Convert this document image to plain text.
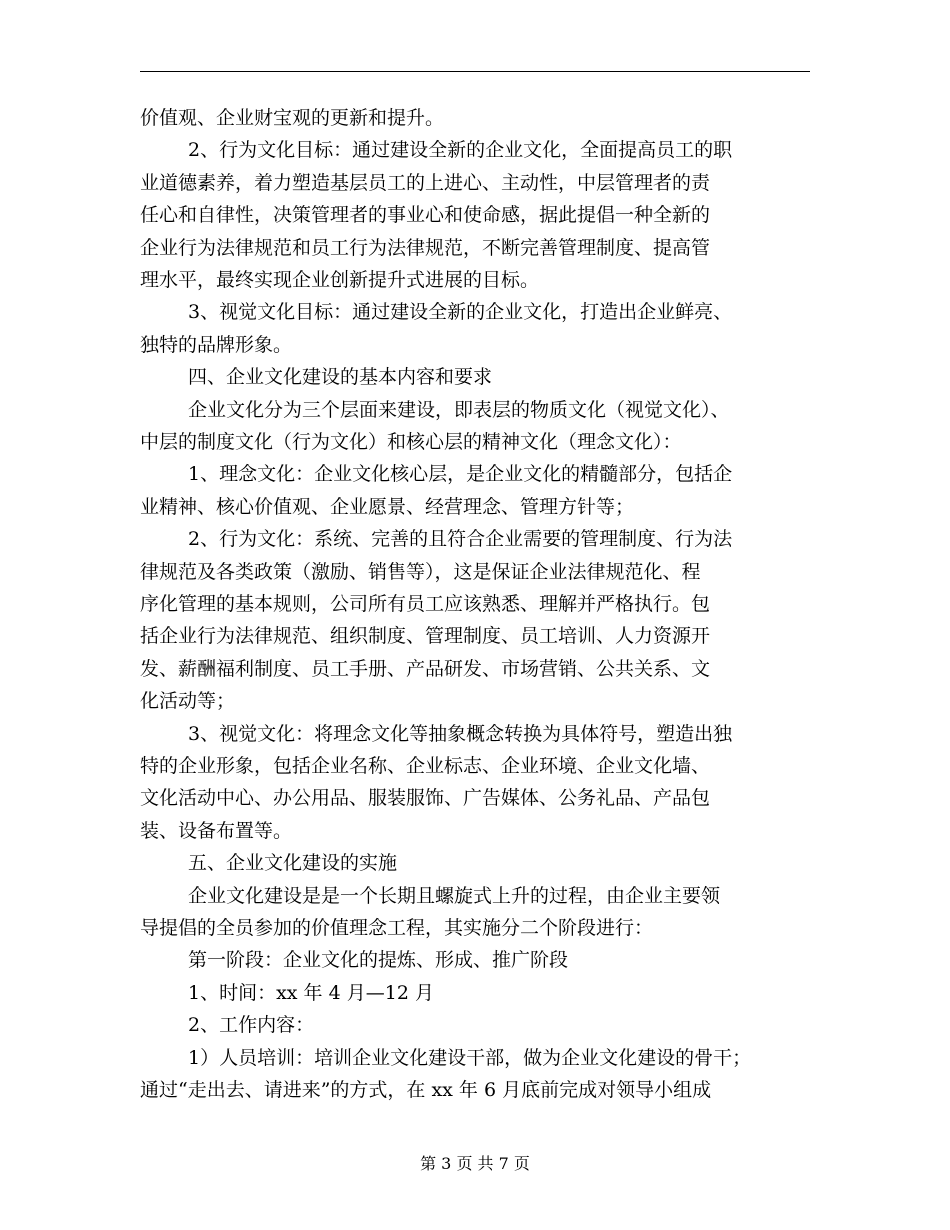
价值观、企业财宝观的更新和提升。
2、行为文化目标：通过建设全新的企业文化，全面提高员工的职
业道德素养，着力塑造基层员工的上进心、主动性，中层管理者的责
任心和自律性，决策管理者的事业心和使命感，据此提倡一种全新的
企业行为法律规范和员工行为法律规范，不断完善管理制度、提高管
理水平，最终实现企业创新提升式进展的目标。
3、视觉文化目标：通过建设全新的企业文化，打造出企业鲜亮、
独特的品牌形象。
四、企业文化建设的基本内容和要求
企业文化分为三个层面来建设，即表层的物质文化（视觉文化）、
中层的制度文化（行为文化）和核心层的精神文化（理念文化）：
1、理念文化：企业文化核心层，是企业文化的精髓部分，包括企
业精神、核心价值观、企业愿景、经营理念、管理方针等；
2、行为文化：系统、完善的且符合企业需要的管理制度、行为法
律规范及各类政策（激励、销售等），这是保证企业法律规范化、程
序化管理的基本规则，公司所有员工应该熟悉、理解并严格执行。包
括企业行为法律规范、组织制度、管理制度、员工培训、人力资源开
发、薪酬福利制度、员工手册、产品研发、市场营销、公共关系、文
化活动等；
3、视觉文化：将理念文化等抽象概念转换为具体符号，塑造出独
特的企业形象，包括企业名称、企业标志、企业环境、企业文化墙、
文化活动中心、办公用品、服装服饰、广告媒体、公务礼品、产品包
装、设备布置等。
五、企业文化建设的实施
企业文化建设是是一个长期且螺旋式上升的过程，由企业主要领
导提倡的全员参加的价值理念工程，其实施分二个阶段进行：
第一阶段：企业文化的提炼、形成、推广阶段
1、时间：xx 年 4 月—12 月
2、工作内容：
1）人员培训：培训企业文化建设干部，做为企业文化建设的骨干；
通过“走出去、请进来”的方式，在 xx 年 6 月底前完成对领导小组成
第 3 页 共 7 页
